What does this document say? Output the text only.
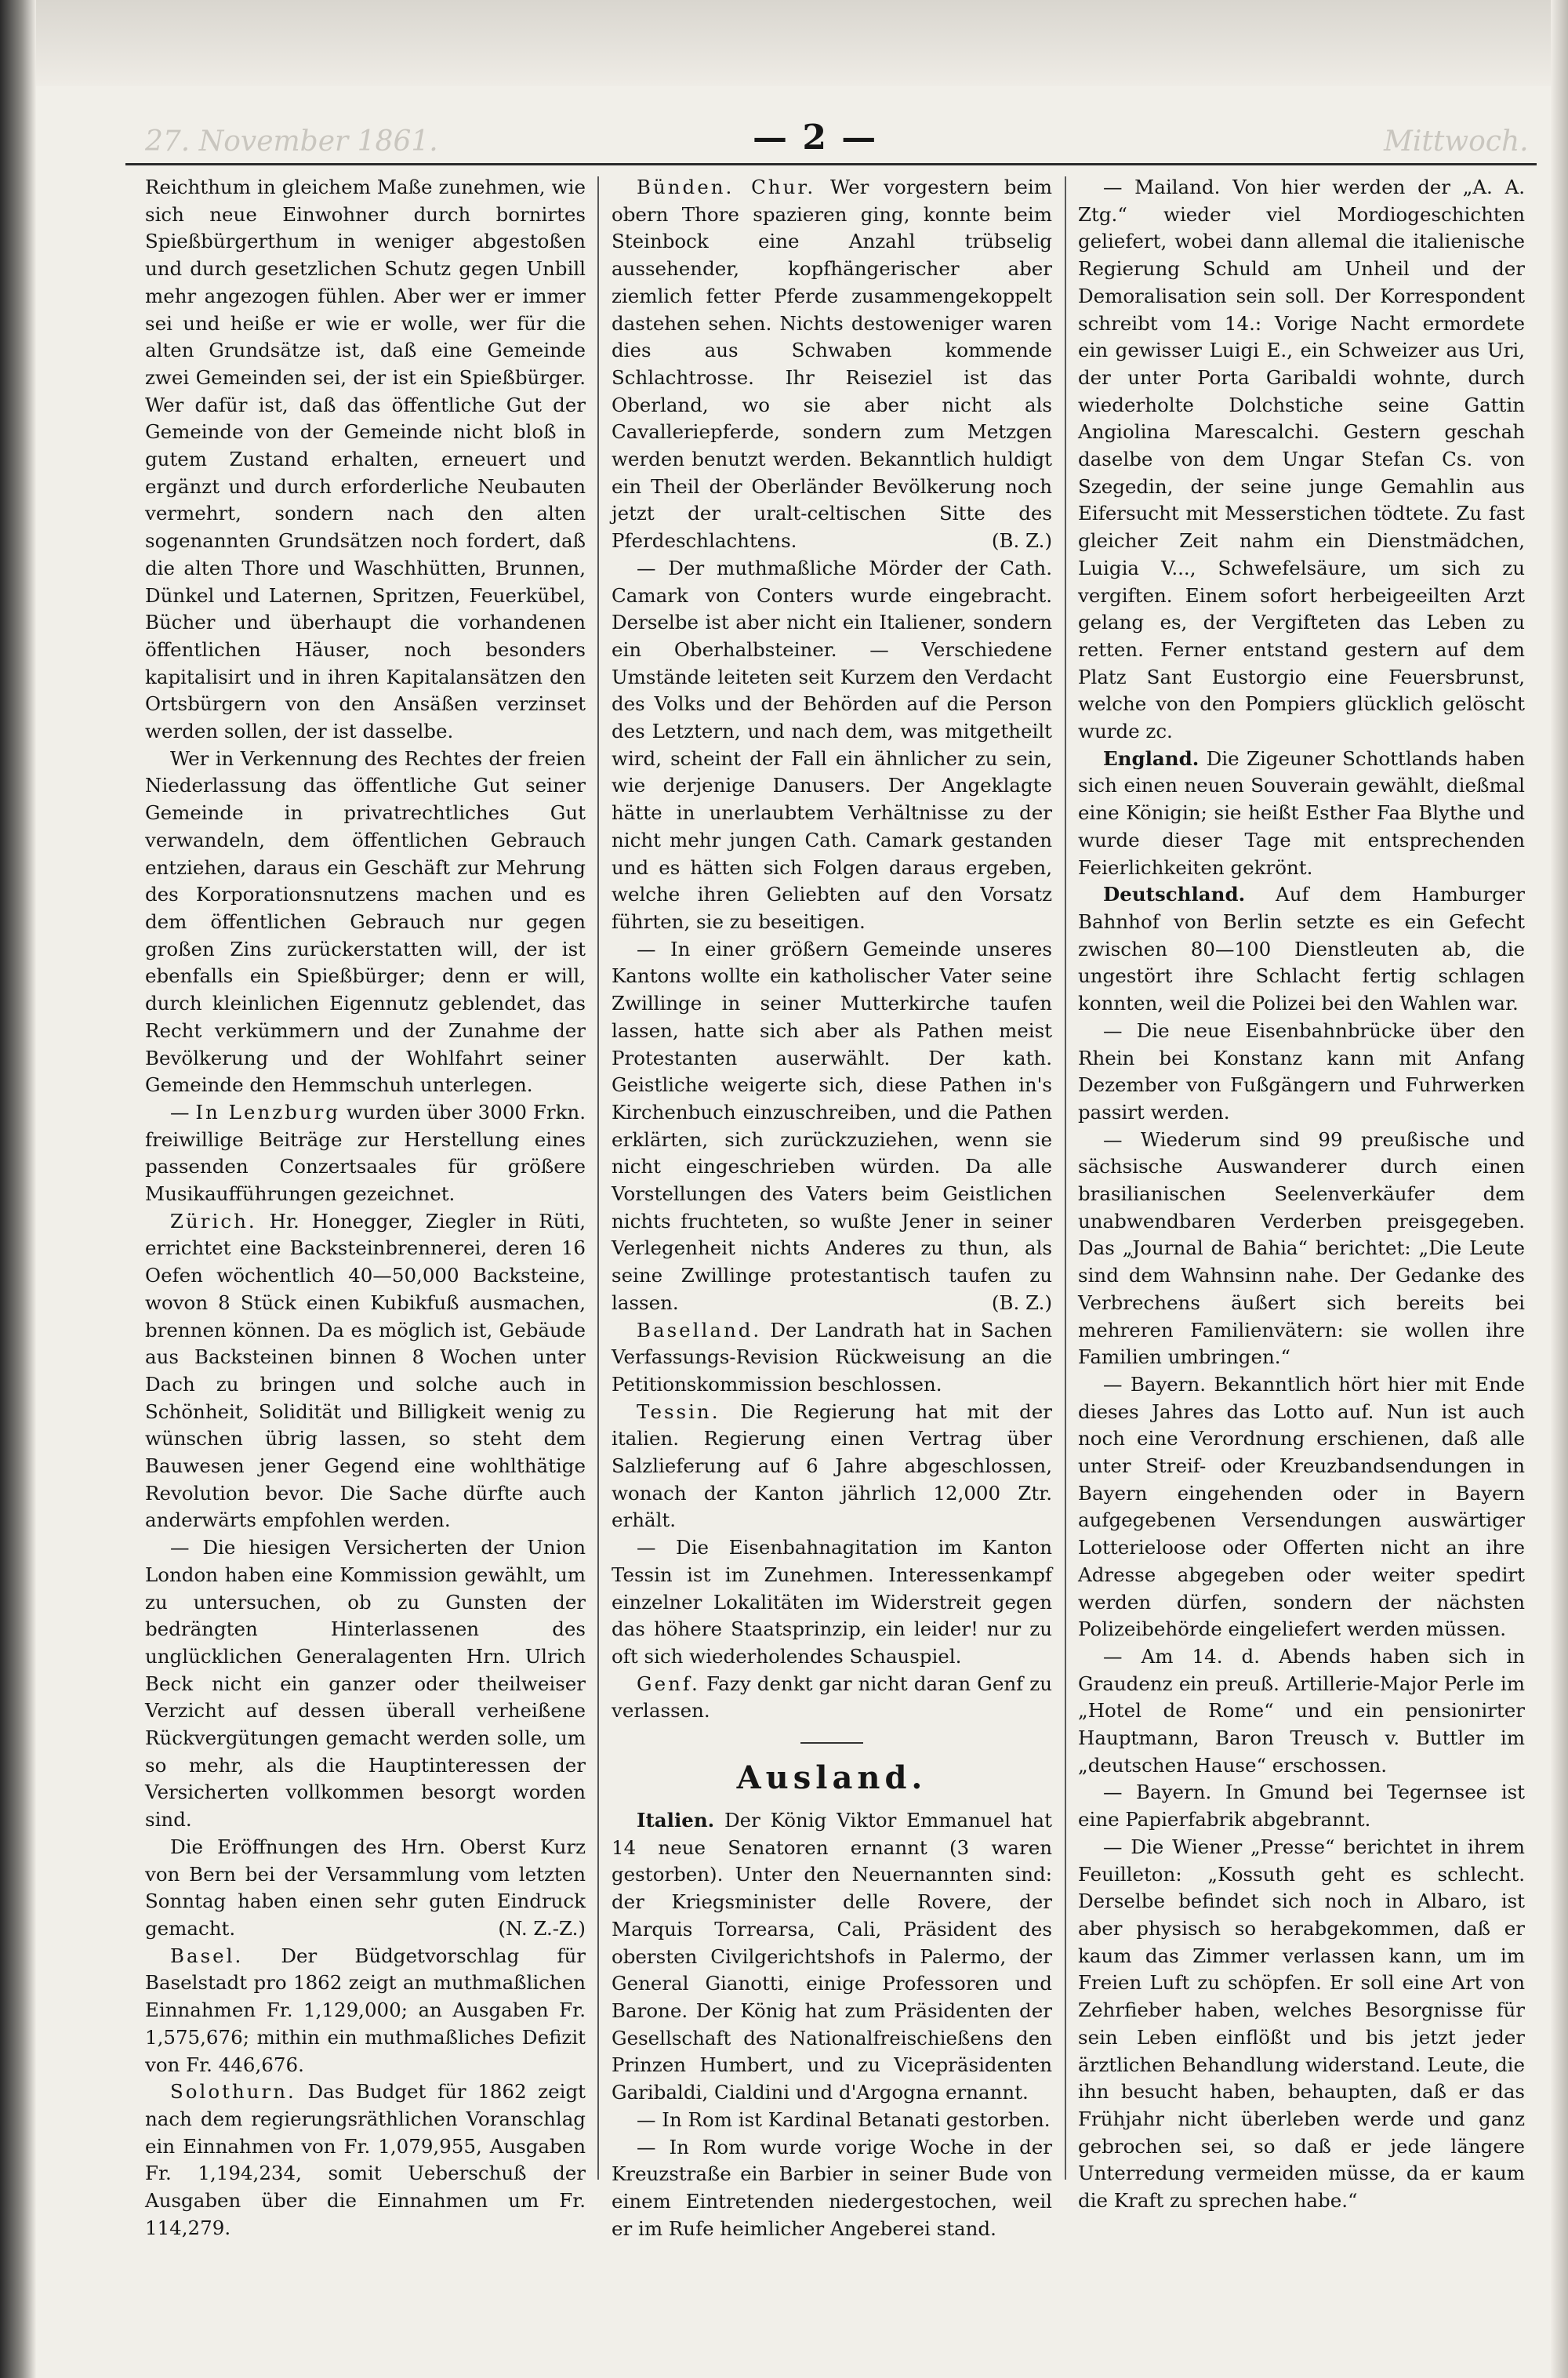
27. November 1861.	Mittwoch.
— 2 —

Reichthum in gleichem Maße zunehmen, wie sich neue Einwohner durch bornirtes Spießbürgerthum in weniger abgestoßen und durch gesetzlichen Schutz gegen Unbill mehr angezogen fühlen. Aber wer er immer sei und heiße er wie er wolle, wer für die alten Grundsätze ist, daß eine Gemeinde zwei Gemeinden sei, der ist ein Spießbürger. Wer dafür ist, daß das öffentliche Gut der Gemeinde von der Gemeinde nicht bloß in gutem Zustand erhalten, erneuert und ergänzt und durch erforderliche Neubauten vermehrt, sondern nach den alten sogenannten Grundsätzen noch fordert, daß die alten Thore und Waschhütten, Brunnen, Dünkel und Laternen, Spritzen, Feuerkübel, Bücher und überhaupt die vorhandenen öffentlichen Häuser, noch besonders kapitalisirt und in ihren Kapitalansätzen den Ortsbürgern von den Ansäßen verzinset werden sollen, der ist dasselbe.

Wer in Verkennung des Rechtes der freien Niederlassung das öffentliche Gut seiner Gemeinde in privatrechtliches Gut verwandeln, dem öffentlichen Gebrauch entziehen, daraus ein Geschäft zur Mehrung des Korporationsnutzens machen und es dem öffentlichen Gebrauch nur gegen großen Zins zurückerstatten will, der ist ebenfalls ein Spießbürger; denn er will, durch kleinlichen Eigennutz geblendet, das Recht verkümmern und der Zunahme der Bevölkerung und der Wohlfahrt seiner Gemeinde den Hemmschuh unterlegen.

— In Lenzburg wurden über 3000 Frkn. freiwillige Beiträge zur Herstellung eines passenden Conzertsaales für größere Musikaufführungen gezeichnet.

Zürich. Hr. Honegger, Ziegler in Rüti, errichtet eine Backsteinbrennerei, deren 16 Oefen wöchentlich 40—50,000 Backsteine, wovon 8 Stück einen Kubikfuß ausmachen, brennen können. Da es möglich ist, Gebäude aus Backsteinen binnen 8 Wochen unter Dach zu bringen und solche auch in Schönheit, Solidität und Billigkeit wenig zu wünschen übrig lassen, so steht dem Bauwesen jener Gegend eine wohlthätige Revolution bevor. Die Sache dürfte auch anderwärts empfohlen werden.

— Die hiesigen Versicherten der Union London haben eine Kommission gewählt, um zu untersuchen, ob zu Gunsten der bedrängten Hinterlassenen des unglücklichen Generalagenten Hrn. Ulrich Beck nicht ein ganzer oder theilweiser Verzicht auf dessen überall verheißene Rückvergütungen gemacht werden solle, um so mehr, als die Hauptinteressen der Versicherten vollkommen besorgt worden sind.

Die Eröffnungen des Hrn. Oberst Kurz von Bern bei der Versammlung vom letzten Sonntag haben einen sehr guten Eindruck gemacht.	(N. Z.-Z.)

Basel. Der Büdgetvorschlag für Baselstadt pro 1862 zeigt an muthmaßlichen Einnahmen Fr. 1,129,000; an Ausgaben Fr. 1,575,676; mithin ein muthmaßliches Defizit von Fr. 446,676.

Solothurn. Das Budget für 1862 zeigt nach dem regierungsräthlichen Voranschlag ein Einnahmen von Fr. 1,079,955, Ausgaben Fr. 1,194,234, somit Ueberschuß der Ausgaben über die Einnahmen um Fr. 114,279.

Bünden. Chur. Wer vorgestern beim obern Thore spazieren ging, konnte beim Steinbock eine Anzahl trübselig aussehender, kopfhängerischer aber ziemlich fetter Pferde zusammengekoppelt dastehen sehen. Nichts destoweniger waren dies aus Schwaben kommende Schlachtrosse. Ihr Reiseziel ist das Oberland, wo sie aber nicht als Cavalleriepferde, sondern zum Metzgen werden benutzt werden. Bekanntlich huldigt ein Theil der Oberländer Bevölkerung noch jetzt der uralt-celtischen Sitte des Pferdeschlachtens.	(B. Z.)

— Der muthmaßliche Mörder der Cath. Camark von Conters wurde eingebracht. Derselbe ist aber nicht ein Italiener, sondern ein Oberhalbsteiner. — Verschiedene Umstände leiteten seit Kurzem den Verdacht des Volks und der Behörden auf die Person des Letztern, und nach dem, was mitgetheilt wird, scheint der Fall ein ähnlicher zu sein, wie derjenige Danusers. Der Angeklagte hätte in unerlaubtem Verhältnisse zu der nicht mehr jungen Cath. Camark gestanden und es hätten sich Folgen daraus ergeben, welche ihren Geliebten auf den Vorsatz führten, sie zu beseitigen.

— In einer größern Gemeinde unseres Kantons wollte ein katholischer Vater seine Zwillinge in seiner Mutterkirche taufen lassen, hatte sich aber als Pathen meist Protestanten auserwählt. Der kath. Geistliche weigerte sich, diese Pathen in's Kirchenbuch einzuschreiben, und die Pathen erklärten, sich zurückzuziehen, wenn sie nicht eingeschrieben würden. Da alle Vorstellungen des Vaters beim Geistlichen nichts fruchteten, so wußte Jener in seiner Verlegenheit nichts Anderes zu thun, als seine Zwillinge protestantisch taufen zu lassen.	(B. Z.)

Baselland. Der Landrath hat in Sachen Verfassungs-Revision Rückweisung an die Petitionskommission beschlossen.

Tessin. Die Regierung hat mit der italien. Regierung einen Vertrag über Salzlieferung auf 6 Jahre abgeschlossen, wonach der Kanton jährlich 12,000 Ztr. erhält.

— Die Eisenbahnagitation im Kanton Tessin ist im Zunehmen. Interessenkampf einzelner Lokalitäten im Widerstreit gegen das höhere Staatsprinzip, ein leider! nur zu oft sich wiederholendes Schauspiel.

Genf. Fazy denkt gar nicht daran Genf zu verlassen.

Ausland.

Italien. Der König Viktor Emmanuel hat 14 neue Senatoren ernannt (3 waren gestorben). Unter den Neuernannten sind: der Kriegsminister delle Rovere, der Marquis Torrearsa, Cali, Präsident des obersten Civilgerichtshofs in Palermo, der General Gianotti, einige Professoren und Barone. Der König hat zum Präsidenten der Gesellschaft des Nationalfreischießens den Prinzen Humbert, und zu Vicepräsidenten Garibaldi, Cialdini und d'Argogna ernannt.

— In Rom ist Kardinal Betanati gestorben.

— In Rom wurde vorige Woche in der Kreuzstraße ein Barbier in seiner Bude von einem Eintretenden niedergestochen, weil er im Rufe heimlicher Angeberei stand.

— Mailand. Von hier werden der „A. A. Ztg.“ wieder viel Mordiogeschichten geliefert, wobei dann allemal die italienische Regierung Schuld am Unheil und der Demoralisation sein soll. Der Korrespondent schreibt vom 14.: Vorige Nacht ermordete ein gewisser Luigi E., ein Schweizer aus Uri, der unter Porta Garibaldi wohnte, durch wiederholte Dolchstiche seine Gattin Angiolina Marescalchi. Gestern geschah daselbe von dem Ungar Stefan Cs. von Szegedin, der seine junge Gemahlin aus Eifersucht mit Messerstichen tödtete. Zu fast gleicher Zeit nahm ein Dienstmädchen, Luigia V..., Schwefelsäure, um sich zu vergiften. Einem sofort herbeigeeilten Arzt gelang es, der Vergifteten das Leben zu retten. Ferner entstand gestern auf dem Platz Sant Eustorgio eine Feuersbrunst, welche von den Pompiers glücklich gelöscht wurde zc.

England. Die Zigeuner Schottlands haben sich einen neuen Souverain gewählt, dießmal eine Königin; sie heißt Esther Faa Blythe und wurde dieser Tage mit entsprechenden Feierlichkeiten gekrönt.

Deutschland. Auf dem Hamburger Bahnhof von Berlin setzte es ein Gefecht zwischen 80—100 Dienstleuten ab, die ungestört ihre Schlacht fertig schlagen konnten, weil die Polizei bei den Wahlen war.

— Die neue Eisenbahnbrücke über den Rhein bei Konstanz kann mit Anfang Dezember von Fußgängern und Fuhrwerken passirt werden.

— Wiederum sind 99 preußische und sächsische Auswanderer durch einen brasilianischen Seelenverkäufer dem unabwendbaren Verderben preisgegeben. Das „Journal de Bahia“ berichtet: „Die Leute sind dem Wahnsinn nahe. Der Gedanke des Verbrechens äußert sich bereits bei mehreren Familienvätern: sie wollen ihre Familien umbringen.“

— Bayern. Bekanntlich hört hier mit Ende dieses Jahres das Lotto auf. Nun ist auch noch eine Verordnung erschienen, daß alle unter Streif- oder Kreuzbandsendungen in Bayern eingehenden oder in Bayern aufgegebenen Versendungen auswärtiger Lotterieloose oder Offerten nicht an ihre Adresse abgegeben oder weiter spedirt werden dürfen, sondern der nächsten Polizeibehörde eingeliefert werden müssen.

— Am 14. d. Abends haben sich in Graudenz ein preuß. Artillerie-Major Perle im „Hotel de Rome“ und ein pensionirter Hauptmann, Baron Treusch v. Buttler im „deutschen Hause“ erschossen.

— Bayern. In Gmund bei Tegernsee ist eine Papierfabrik abgebrannt.

— Die Wiener „Presse“ berichtet in ihrem Feuilleton: „Kossuth geht es schlecht. Derselbe befindet sich noch in Albaro, ist aber physisch so herabgekommen, daß er kaum das Zimmer verlassen kann, um im Freien Luft zu schöpfen. Er soll eine Art von Zehrfieber haben, welches Besorgnisse für sein Leben einflößt und bis jetzt jeder ärztlichen Behandlung widerstand. Leute, die ihn besucht haben, behaupten, daß er das Frühjahr nicht überleben werde und ganz gebrochen sei, so daß er jede längere Unterredung vermeiden müsse, da er kaum die Kraft zu sprechen habe.“
